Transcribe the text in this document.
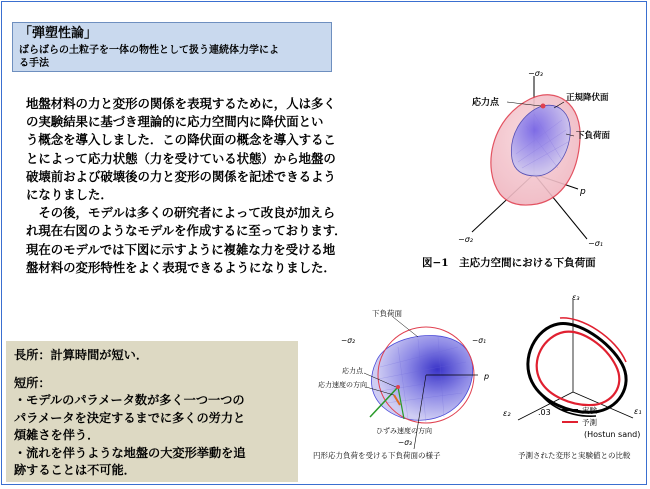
「弾塑性論」
ばらばらの土粒子を一体の物性として扱う連続体力学によ
る手法

地盤材料の力と変形の関係を表現するために，人は多く

の実験結果に基づき理論的に応力空間内に降伏面とい

う概念を導入しました．この降伏面の概念を導入するこ

とによって応力状態（力を受けている状態）から地盤の

破壊前および破壊後の力と変形の関係を記述できるよう

になりました．

　その後，モデルは多くの研究者によって改良が加えら

れ現在右図のようなモデルを作成するに至っております．

現在のモデルでは下図に示すように複雑な力を受ける地

盤材料の変形特性をよく表現できるようになりました．

応力点	正規降伏面
下負荷面
−σ₃
−σ₂	−σ₁
p
図−1　主応力空間における下負荷面
下負荷面
−σ₂	−σ₁
p
応力点
応力速度の方向
ひずみ速度の方向
−σ₃
円形応力負荷を受ける下負荷面の様子
ε₃
ε₂	ε₁
.03	実験
予測
(Hostun sand)
予測された変形と実験値との比較

長所：計算時間が短い．

短所：

・モデルのパラメータ数が多く一つ一つの

パラメータを決定するまでに多くの労力と

煩雑さを伴う．

・流れを伴うような地盤の大変形挙動を追

跡することは不可能．
